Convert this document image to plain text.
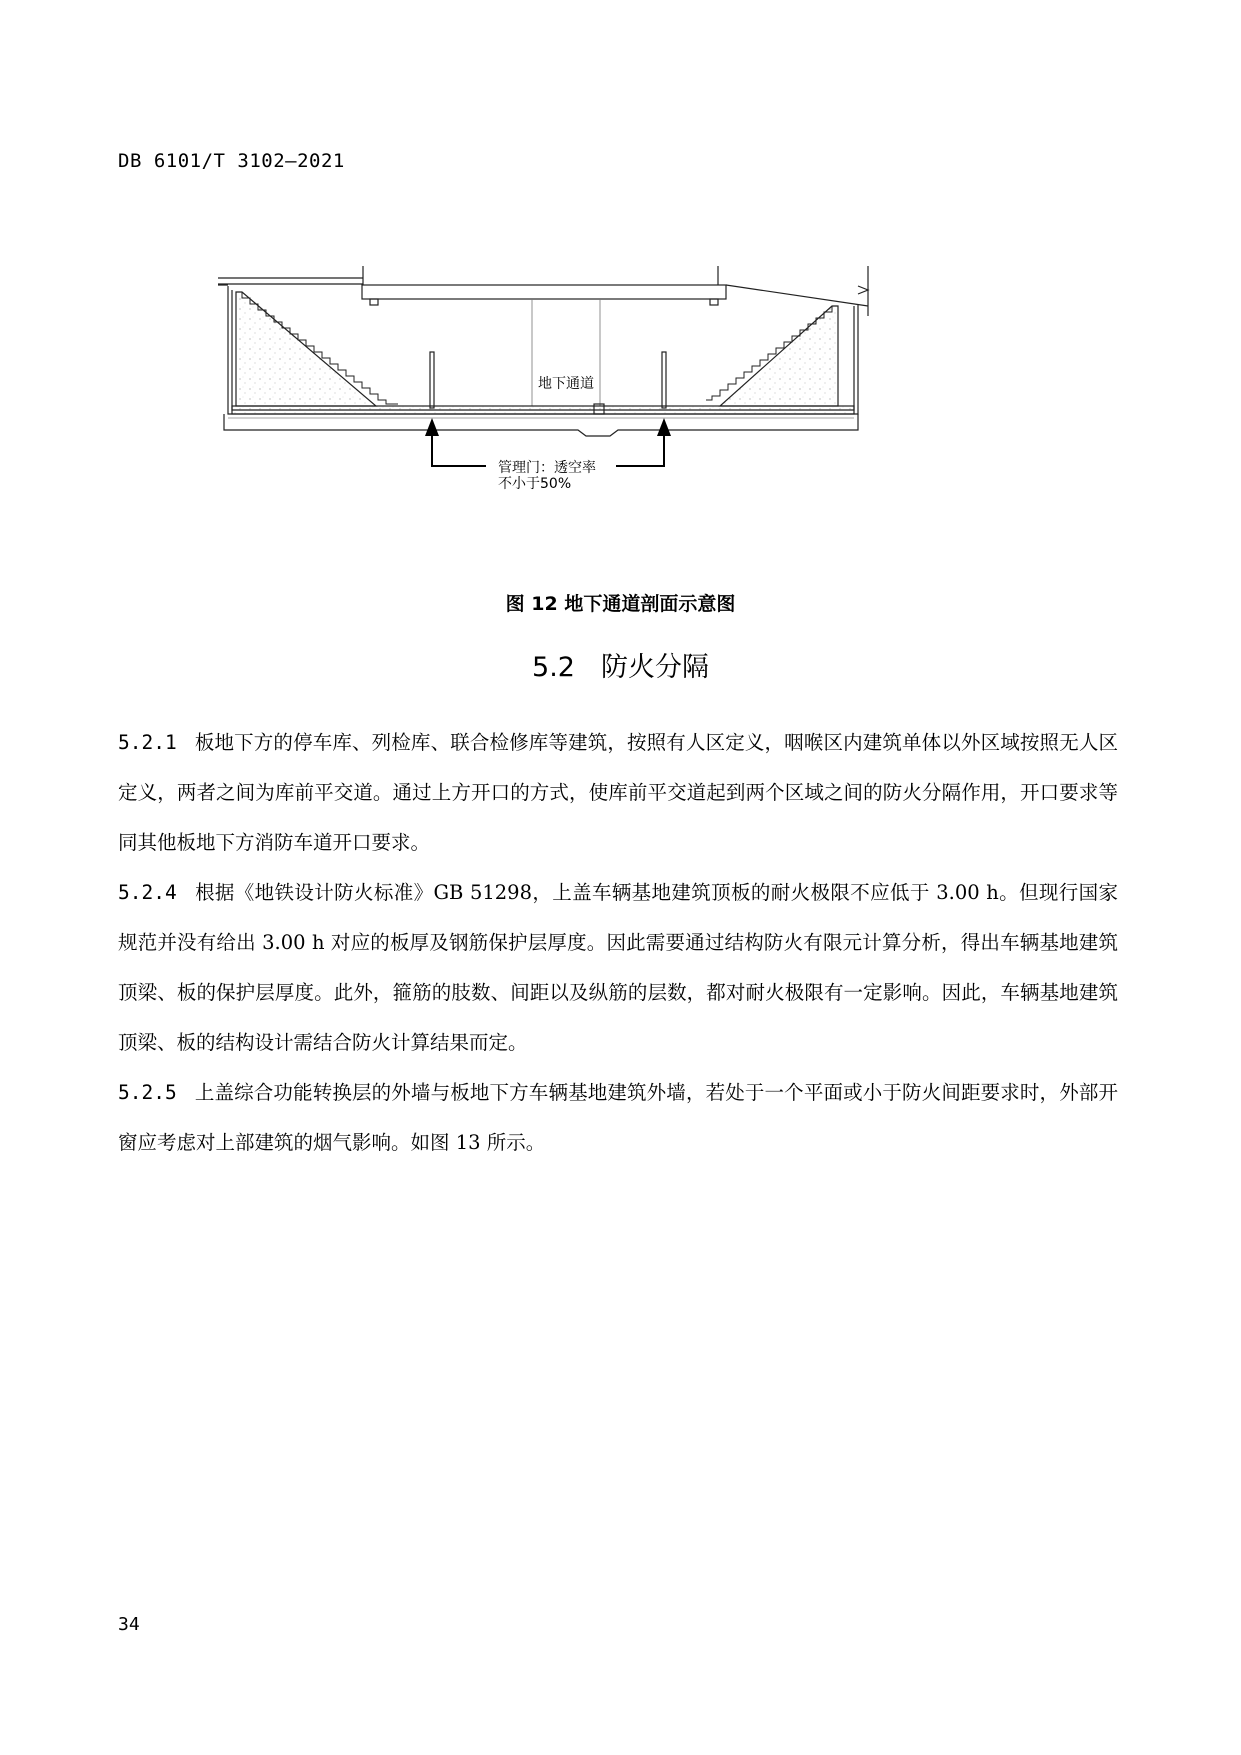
DB 6101/T 3102—2021
地下通道
管理门：透空率
不小于50%
图 12 地下通道剖面示意图
5.2 防火分隔

5.2.1 板地下方的停车库、列检库、联合检修库等建筑，按照有人区定义，咽喉区内建筑单体以外区域按照无人区定义，两者之间为库前平交道。通过上方开口的方式，使库前平交道起到两个区域之间的防火分隔作用，开口要求等同其他板地下方消防车道开口要求。

5.2.4 根据《地铁设计防火标准》GB 51298，上盖车辆基地建筑顶板的耐火极限不应低于 3.00 h。但现行国家规范并没有给出 3.00 h 对应的板厚及钢筋保护层厚度。因此需要通过结构防火有限元计算分析，得出车辆基地建筑顶梁、板的保护层厚度。此外，箍筋的肢数、间距以及纵筋的层数，都对耐火极限有一定影响。因此，车辆基地建筑顶梁、板的结构设计需结合防火计算结果而定。

5.2.5 上盖综合功能转换层的外墙与板地下方车辆基地建筑外墙，若处于一个平面或小于防火间距要求时，外部开窗应考虑对上部建筑的烟气影响。如图 13 所示。

34
